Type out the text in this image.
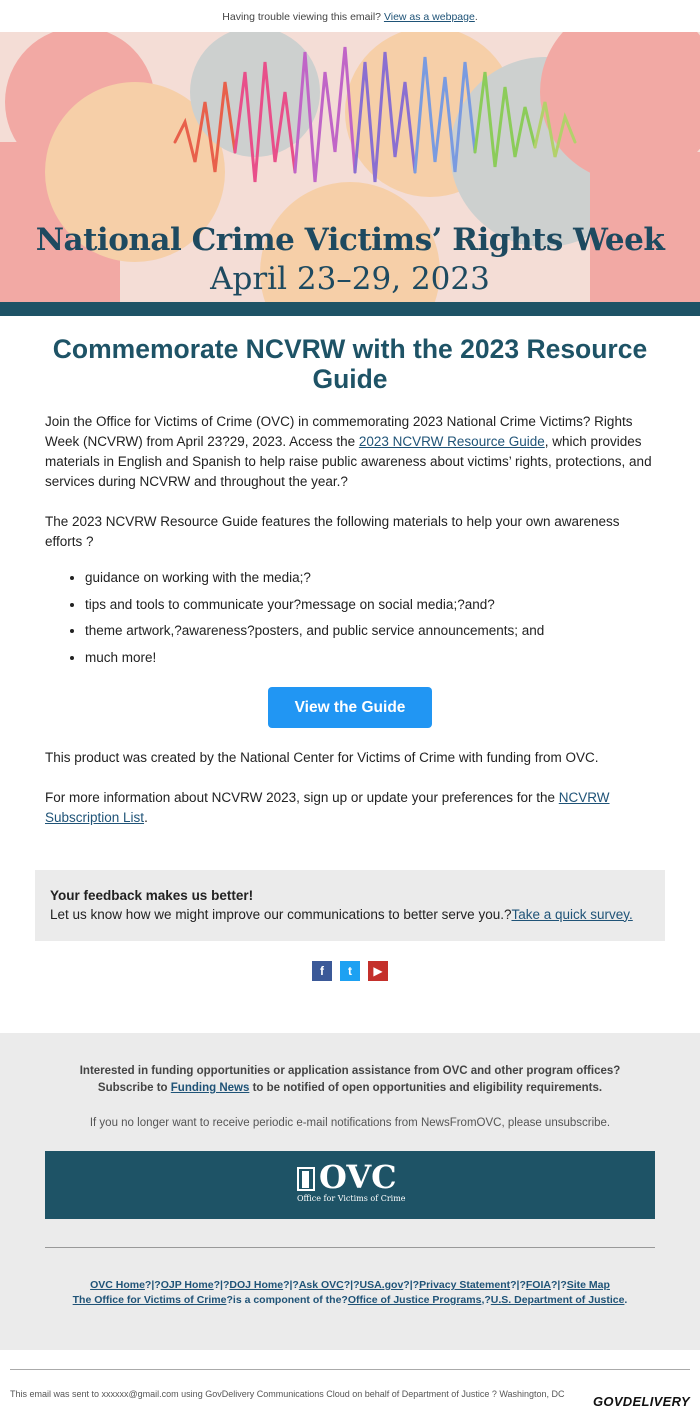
Having trouble viewing this email? View as a webpage.
National Crime Victims’ Rights Week
April 23–29, 2023
Commemorate NCVRW with the 2023 Resource Guide

Join the Office for Victims of Crime (OVC) in commemorating 2023 National Crime Victims? Rights Week (NCVRW) from April 23?29, 2023. Access the 2023 NCVRW Resource Guide, which provides materials in English and Spanish to help raise public awareness about victims’ rights, protections, and services during NCVRW and throughout the year.?

The 2023 NCVRW Resource Guide features the following materials to help your own awareness efforts ?

• guidance on working with the media;?
• tips and tools to communicate your?message on social media;?and?
• theme artwork,?awareness?posters, and public service announcements; and
• much more!
View the Guide

This product was created by the National Center for Victims of Crime with funding from OVC.

For more information about NCVRW 2023, sign up or update your preferences for the NCVRW Subscription List.

Your feedback makes us better!
Let us know how we might improve our communications to better serve you.?Take a quick survey.
f t ▶
Interested in funding opportunities or application assistance from OVC and other program offices?
Subscribe to Funding News to be notified of open opportunities and eligibility requirements.
If you no longer want to receive periodic e-mail notifications from NewsFromOVC, please unsubscribe.
OVC
Office for Victims of Crime
OVC Home?|?OJP Home?|?DOJ Home?|?Ask OVC?|?USA.gov?|?Privacy Statement?|?FOIA?|?Site Map
The Office for Victims of Crime?is a component of the?Office of Justice Programs,?U.S. Department of Justice.
This email was sent to xxxxxx@gmail.com using GovDelivery Communications Cloud on behalf of Department of Justice ? Washington, DC	GOVDELIVERY
